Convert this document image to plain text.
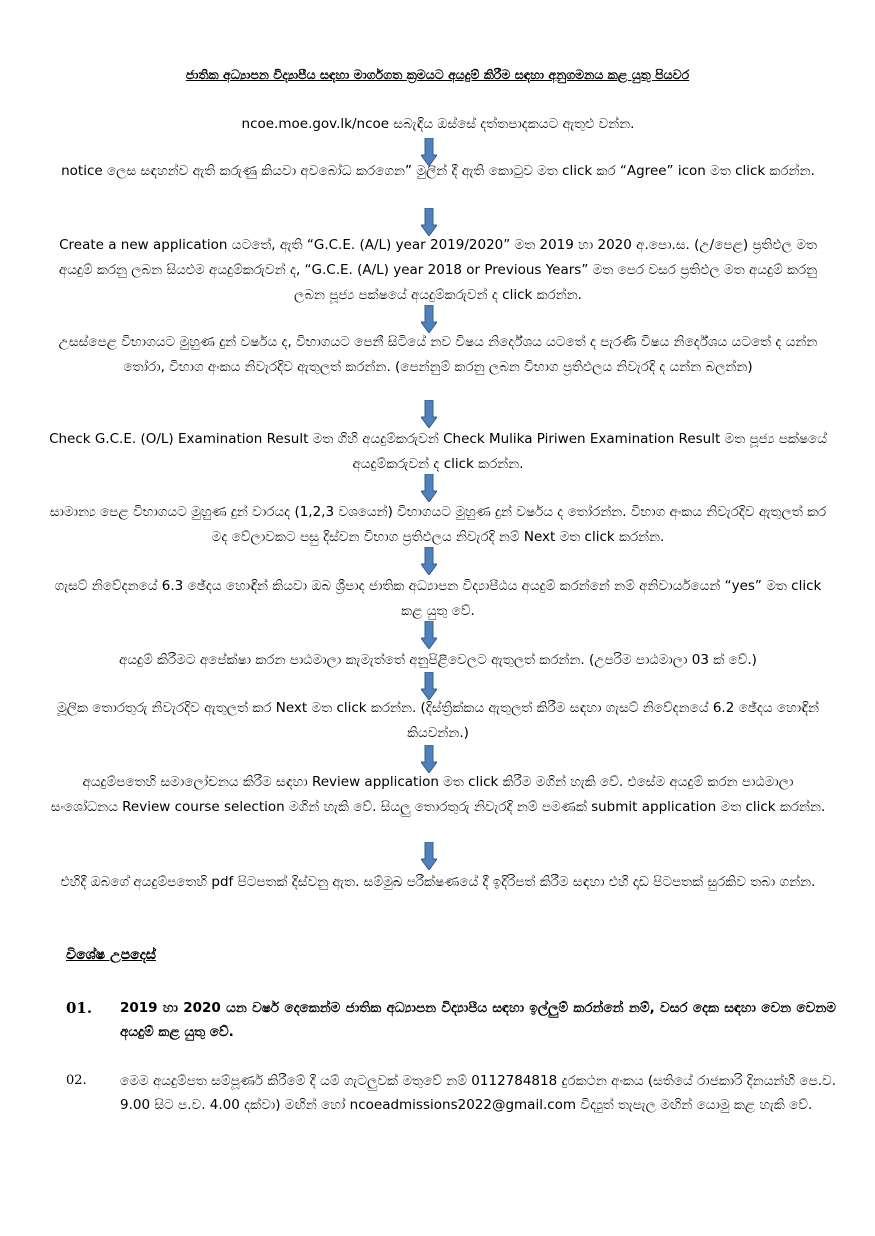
ජාතික අධ්‍යාපන විද්‍යාපීය සඳහා මාර්ගගත ක්‍රමයට අයදුම් කිරීම සඳහා අනුගමනය කළ යුතු පියවර
ncoe.moe.gov.lk/ncoe සබැඳිය ඔස්සේ දත්තපාදකයට ඇතුළු වන්න.
notice ලෙස සඳහන්ව ඇති කරුණු කියවා අවබෝධ කරගෙන” මුලින් දී ඇති කොටුව මත click කර “Agree” icon මත click කරන්න.
Create a new application යටතේ, ඇති “G.C.E. (A/L) year 2019/2020” මත 2019 හා 2020 අ.පො.ස. (උ/පෙළ) ප්‍රතිඵල මත අයදුම් කරනු ලබන සියළුම අයදුම්කරුවන් ද, “G.C.E. (A/L) year 2018 or Previous Years” මත පෙර වසර ප්‍රතිඵල මත අයදුම් කරනු ලබන පූජ්‍ය පක්ෂයේ අයදුම්කරුවන් ද click කරන්න.
උසස්පෙළ විභාගයට මුහුණ දුන් වර්ෂය ද, විභාගයට පෙනී සිටියේ නව විෂය නිර්දේශය යටතේ ද පැරණි විෂය නිර්දේශය යටතේ ද යන්න තෝරා, විභාග අංකය නිවැරදිව ඇතුලත් කරන්න. (පෙන්නුම් කරනු ලබන විභාග ප්‍රතිඵලය නිවැරදි ද යන්න බලන්න)
Check G.C.E. (O/L) Examination Result මත ගිහි අයදුම්කරුවන් Check Mulika Piriwen Examination Result මත පූජ්‍ය පක්ෂයේ අයදුම්කරුවන් ද click කරන්න.
සාමාන්‍ය පෙළ විභාගයට මුහුණ දුන් වාරයද (1,2,3 වශයෙන්) විභාගයට මුහුණ දුන් වර්ෂය ද තෝරන්න. විභාග අංකය නිවැරදිව ඇතුලත් කර මද වේලාවකට පසු දිස්වන විභාග ප්‍රතිඵලය නිවැරදි නම් Next මත click කරන්න.
ගැසට් නිවේදනයේ 6.3 ඡේදය හොඳින් කියවා ඔබ ශ්‍රීපාද ජාතික අධ්‍යාපන විද්‍යාපීඨය අයදුම් කරන්නේ නම් අනිවාර්යයෙන් “yes” මත click කළ යුතු වේ.
අයදුම් කිරීමට අපේක්ෂා කරන පාඨමාලා කැමැත්තේ අනුපිළිවෙලට ඇතුලත් කරන්න. (උපරිම පාඨමාලා 03 ක් වේ.)
මූලික තොරතුරු නිවැරදිව ඇතුලත් කර Next මත click කරන්න. (දිස්ත්‍රික්කය ඇතුලත් කිරීම සඳහා ගැසට් නිවේදනයේ 6.2 ඡේදය හොඳින් කියවන්න.)
අයදුම්පතෙහි සමාලෝචනය කිරීම සඳහා Review application මත click කිරීම මගින් හැකි වේ. එසේම අයදුම් කරන පාඨමාලා සංශෝධනය Review course selection මගින් හැකි වේ. සියලු තොරතුරු නිවැරදි නම් පමණක් submit application මත click කරන්න.
එහිදී ඔබගේ අයදුම්පතෙහි pdf පිටපතක් දිස්වනු ඇත. සම්මුඛ පරීක්ෂණයේ දී ඉදිරිපත් කිරීම සඳහා එහි දෘඩ පිටපතක් සුරකිව තබා ගන්න.
විශේෂ උපදෙස්
01.	2019 හා 2020 යන වර්ෂ දෙකෙන්ම ජාතික අධ්‍යාපන විද්‍යාපීය සඳහා ඉල්ලුම් කරන්නේ නම්, වසර දෙක සඳහා වෙන වෙනම අයදුම් කළ යුතු වේ.
02.	මෙම අයදුම්පත සම්පූර්ණ කිරීමේ දී යම් ගැටලුවක් මතුවේ නම් 0112784818 දුරකථන අංකය (සතියේ රාජකාරි දිනයන්හි පෙ.ව. 9.00 සිට ප.ව. 4.00 දක්වා) මඟින් හෝ ncoeadmissions2022@gmail.com විද්‍යුත් තැපැල මඟින් යොමු කළ හැකි වේ.
